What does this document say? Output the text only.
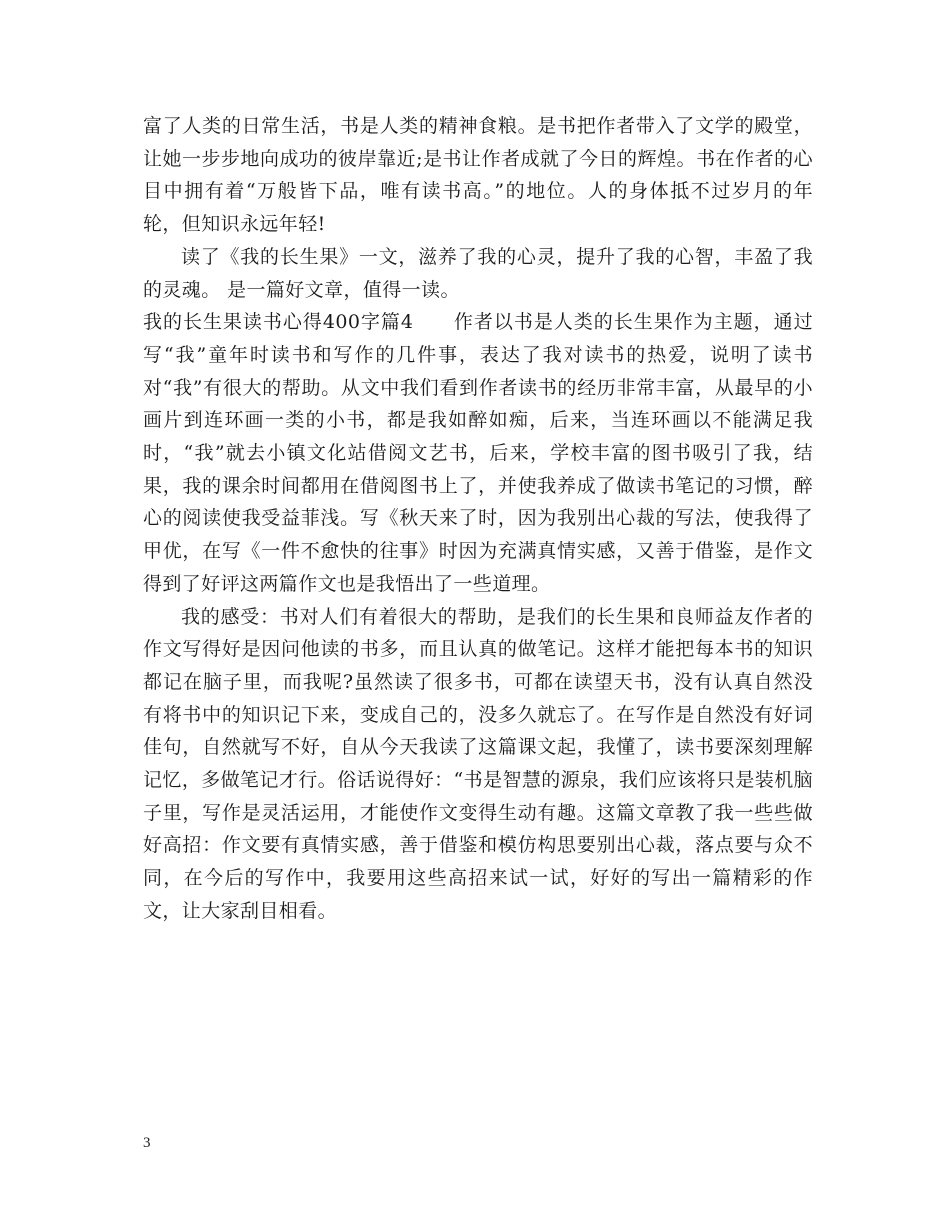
富了人类的日常生活，书是人类的精神食粮。是书把作者带入了文学的殿堂，让她一步步地向成功的彼岸靠近;是书让作者成就了今日的辉煌。书在作者的心目中拥有着“万般皆下品，唯有读书高。”的地位。人的身体抵不过岁月的年轮，但知识永远年轻!

读了《我的长生果》一文，滋养了我的心灵，提升了我的心智，丰盈了我的灵魂。 是一篇好文章，值得一读。

我的长生果读书心得400字篇4　　作者以书是人类的长生果作为主题，通过写“我”童年时读书和写作的几件事，表达了我对读书的热爱，说明了读书对“我”有很大的帮助。从文中我们看到作者读书的经历非常丰富，从最早的小画片到连环画一类的小书，都是我如醉如痴，后来，当连环画以不能满足我时，“我”就去小镇文化站借阅文艺书，后来，学校丰富的图书吸引了我，结果，我的课余时间都用在借阅图书上了，并使我养成了做读书笔记的习惯，醉心的阅读使我受益菲浅。写《秋天来了时，因为我别出心裁的写法，使我得了甲优，在写《一件不愈快的往事》时因为充满真情实感，又善于借鉴，是作文得到了好评这两篇作文也是我悟出了一些道理。

我的感受：书对人们有着很大的帮助，是我们的长生果和良师益友作者的作文写得好是因问他读的书多，而且认真的做笔记。这样才能把每本书的知识都记在脑子里，而我呢?虽然读了很多书，可都在读望天书，没有认真自然没有将书中的知识记下来，变成自己的，没多久就忘了。在写作是自然没有好词佳句，自然就写不好，自从今天我读了这篇课文起，我懂了，读书要深刻理解记忆，多做笔记才行。俗话说得好：“书是智慧的源泉，我们应该将只是装机脑子里，写作是灵活运用，才能使作文变得生动有趣。这篇文章教了我一些些做好高招：作文要有真情实感，善于借鉴和模仿构思要别出心裁，落点要与众不同，在今后的写作中，我要用这些高招来试一试，好好的写出一篇精彩的作文，让大家刮目相看。

3
